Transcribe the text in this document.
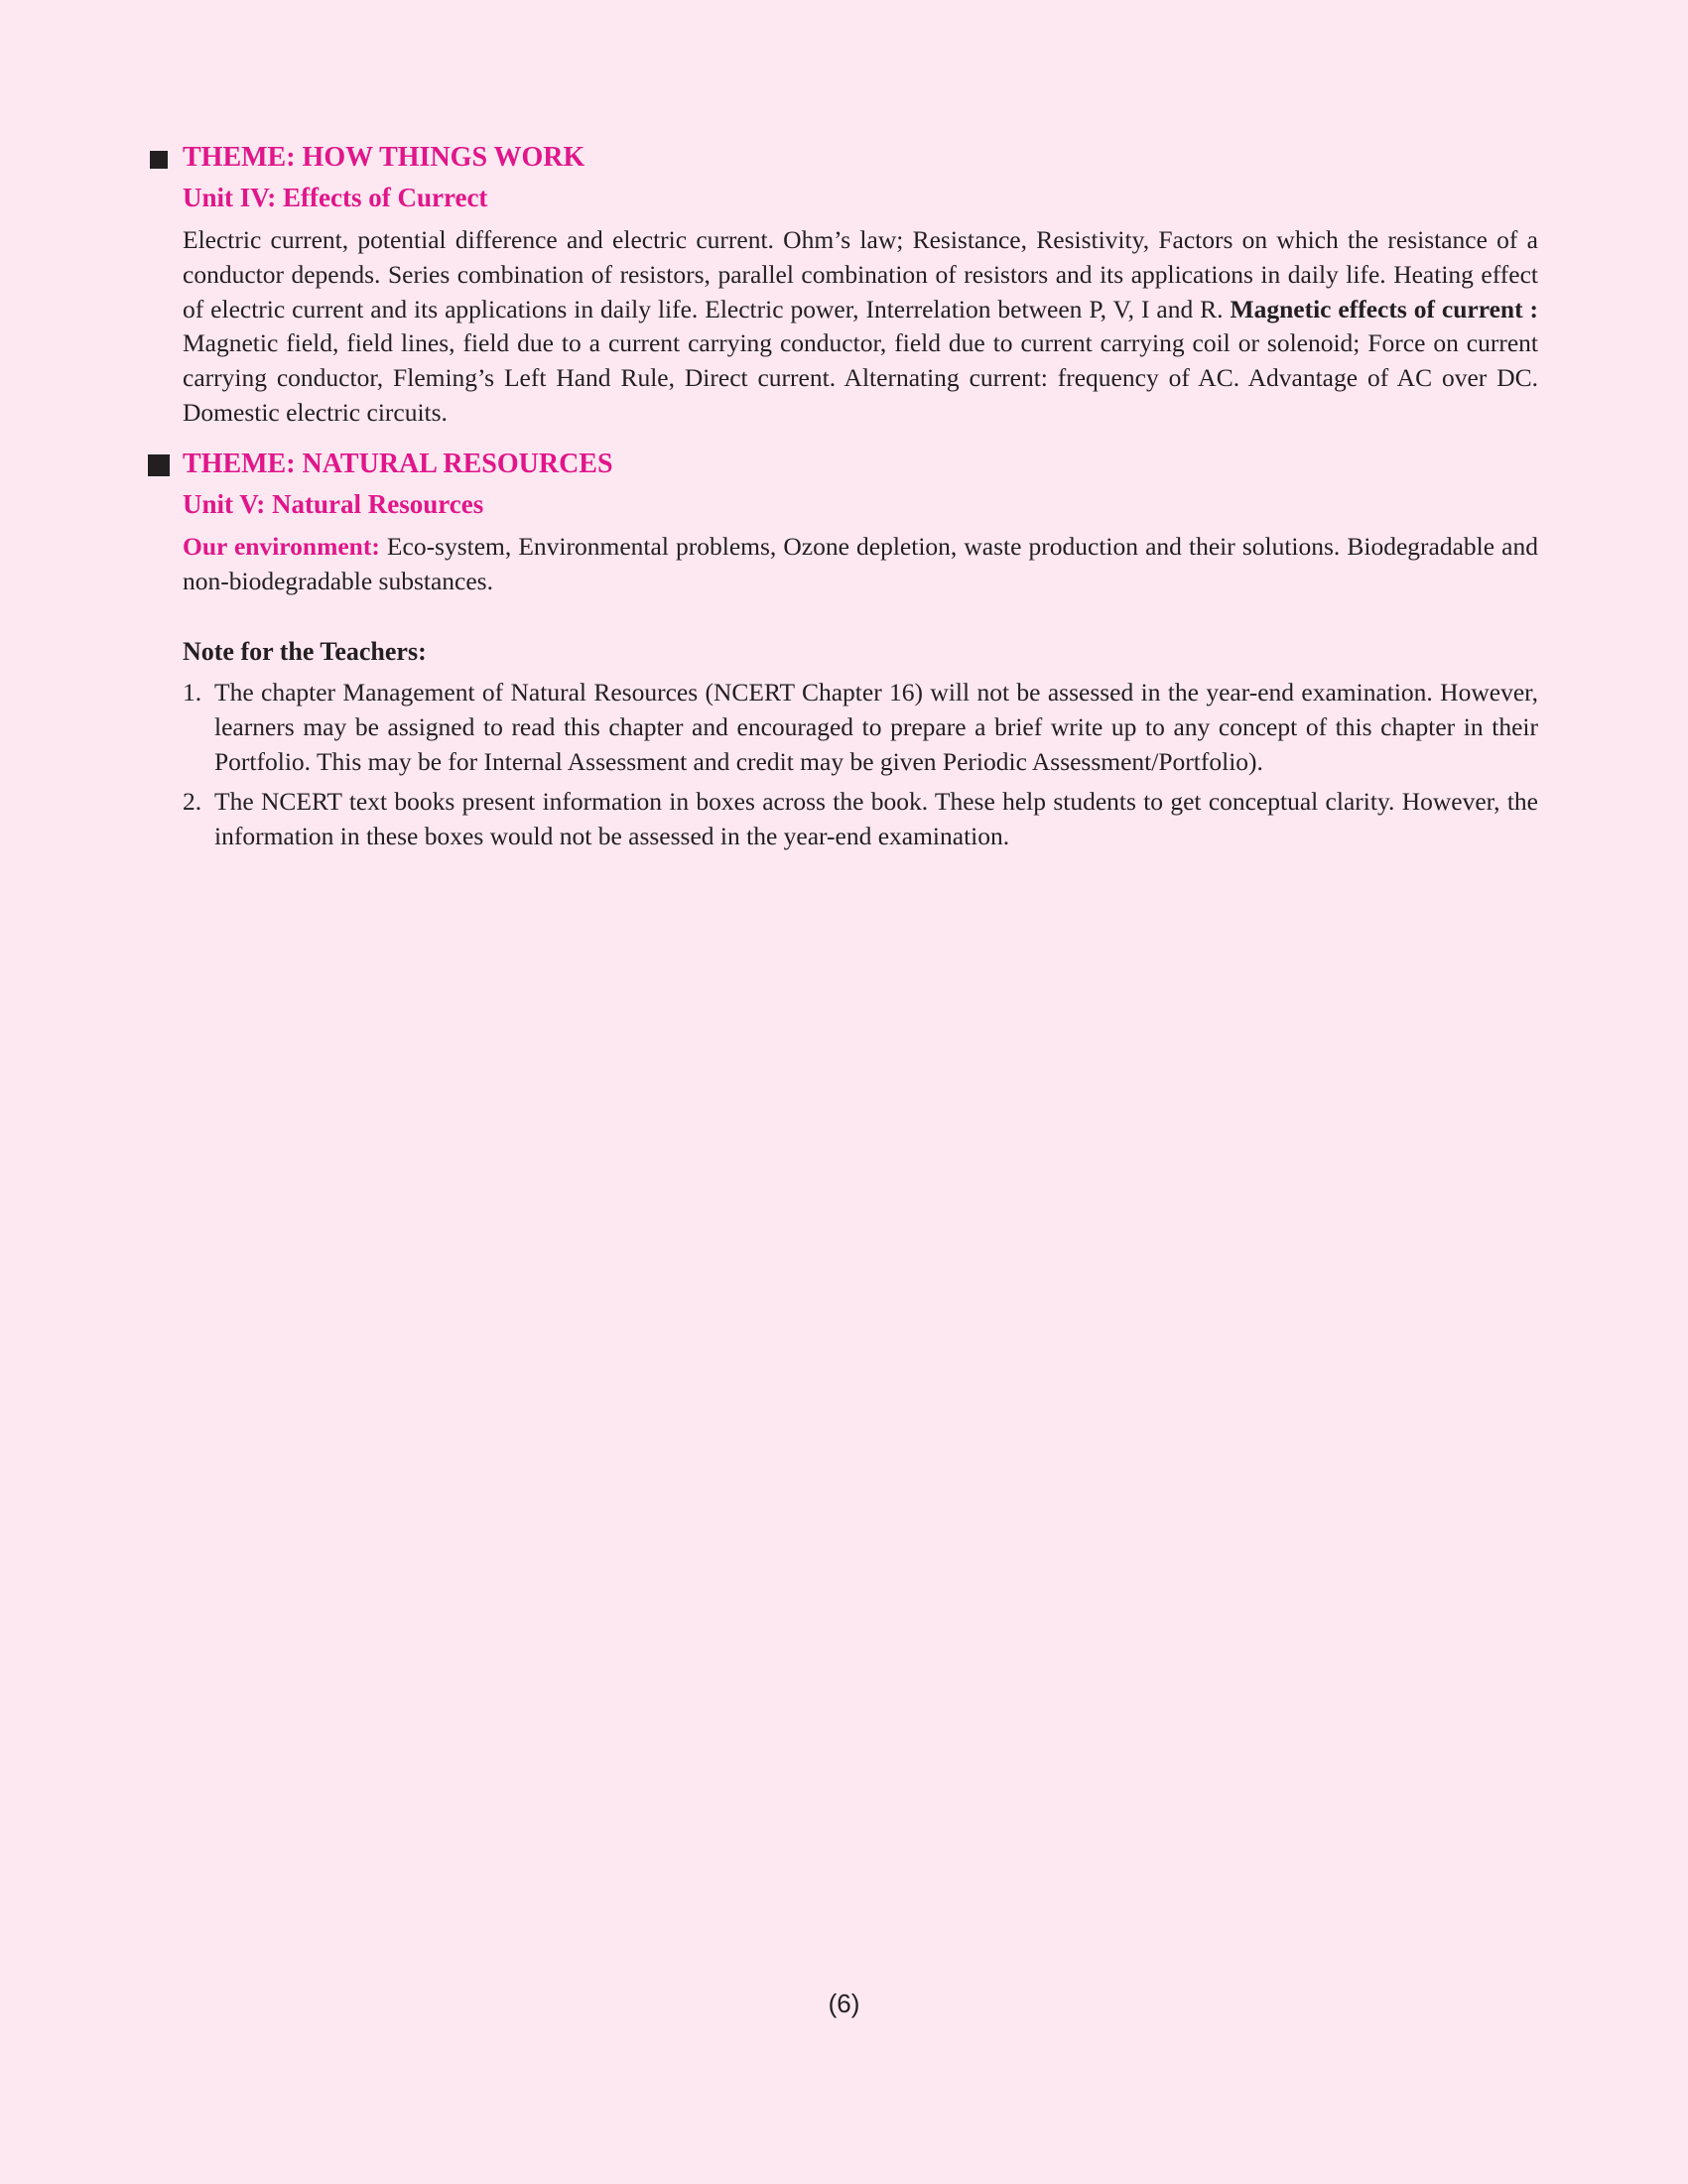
THEME: HOW THINGS WORK
Unit IV: Effects of Currect

Electric current, potential difference and electric current. Ohm’s law; Resistance, Resistivity, Factors on which the resistance of a conductor depends. Series combination of resistors, parallel combination of resistors and its applications in daily life. Heating effect of electric current and its applications in daily life. Electric power, Interrelation between P, V, I and R. Magnetic effects of current : Magnetic field, field lines, field due to a current carrying conductor, field due to current carrying coil or solenoid; Force on current carrying conductor, Fleming’s Left Hand Rule, Direct current. Alternating current: frequency of AC. Advantage of AC over DC. Domestic electric circuits.

THEME: NATURAL RESOURCES
Unit V: Natural Resources

Our environment: Eco-system, Environmental problems, Ozone depletion, waste production and their solutions. Biodegradable and non-biodegradable substances.

Note for the Teachers:
1. The chapter Management of Natural Resources (NCERT Chapter 16) will not be assessed in the year-end examination. However, learners may be assigned to read this chapter and encouraged to prepare a brief write up to any concept of this chapter in their Portfolio. This may be for Internal Assessment and credit may be given Periodic Assessment/Portfolio).
2. The NCERT text books present information in boxes across the book. These help students to get conceptual clarity. However, the information in these boxes would not be assessed in the year-end examination.
(6)
